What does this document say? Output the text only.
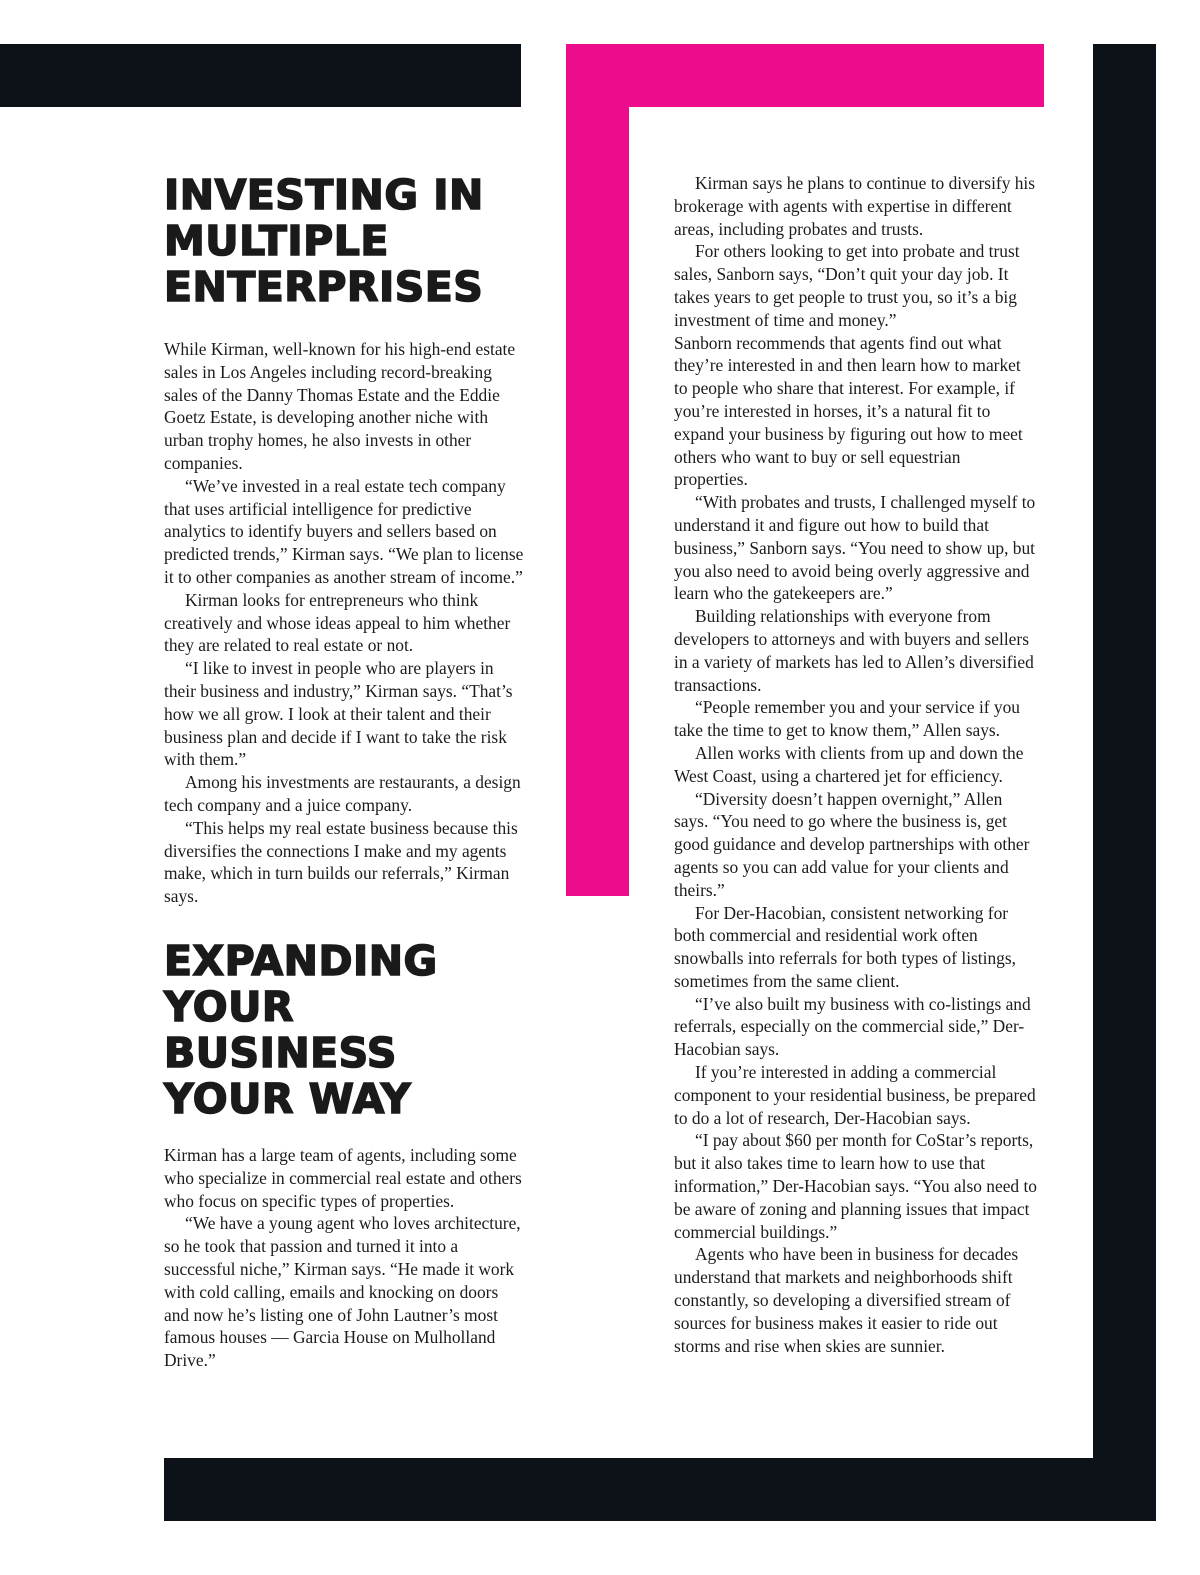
INVESTING IN MULTIPLE ENTERPRISES

While Kirman, well-known for his high-end estate sales in Los Angeles including record-breaking sales of the Danny Thomas Estate and the Eddie Goetz Estate, is developing another niche with urban trophy homes, he also invests in other companies.

“We’ve invested in a real estate tech company that uses artificial intelligence for predictive analytics to identify buyers and sellers based on predicted trends,” Kirman says. “We plan to license it to other companies as another stream of income.”

Kirman looks for entrepreneurs who think creatively and whose ideas appeal to him whether they are related to real estate or not.

“I like to invest in people who are players in their business and industry,” Kirman says. “That’s how we all grow. I look at their talent and their business plan and decide if I want to take the risk with them.”

Among his investments are restaurants, a design tech company and a juice company.

“This helps my real estate business because this diversifies the connections I make and my agents make, which in turn builds our referrals,” Kirman says.

EXPANDING YOUR BUSINESS YOUR WAY

Kirman has a large team of agents, including some who specialize in commercial real estate and others who focus on specific types of properties.

“We have a young agent who loves architecture, so he took that passion and turned it into a successful niche,” Kirman says. “He made it work with cold calling, emails and knocking on doors and now he’s listing one of John Lautner’s most famous houses — Garcia House on Mulholland Drive.”

Kirman says he plans to continue to diversify his brokerage with agents with expertise in different areas, including probates and trusts.

For others looking to get into probate and trust sales, Sanborn says, “Don’t quit your day job. It takes years to get people to trust you, so it’s a big investment of time and money.”

Sanborn recommends that agents find out what they’re interested in and then learn how to market to people who share that interest. For example, if you’re interested in horses, it’s a natural fit to expand your business by figuring out how to meet others who want to buy or sell equestrian properties.

“With probates and trusts, I challenged myself to understand it and figure out how to build that business,” Sanborn says. “You need to show up, but you also need to avoid being overly aggressive and learn who the gatekeepers are.”

Building relationships with everyone from developers to attorneys and with buyers and sellers in a variety of markets has led to Allen’s diversified transactions.

“People remember you and your service if you take the time to get to know them,” Allen says.

Allen works with clients from up and down the West Coast, using a chartered jet for efficiency.

“Diversity doesn’t happen overnight,” Allen says. “You need to go where the business is, get good guidance and develop partnerships with other agents so you can add value for your clients and theirs.”

For Der-Hacobian, consistent networking for both commercial and residential work often snowballs into referrals for both types of listings, sometimes from the same client.

“I’ve also built my business with co-listings and referrals, especially on the commercial side,” Der-Hacobian says.

If you’re interested in adding a commercial component to your residential business, be prepared to do a lot of research, Der-Hacobian says.

“I pay about $60 per month for CoStar’s reports, but it also takes time to learn how to use that information,” Der-Hacobian says. “You also need to be aware of zoning and planning issues that impact commercial buildings.”

Agents who have been in business for decades understand that markets and neighborhoods shift constantly, so developing a diversified stream of sources for business makes it easier to ride out storms and rise when skies are sunnier.
